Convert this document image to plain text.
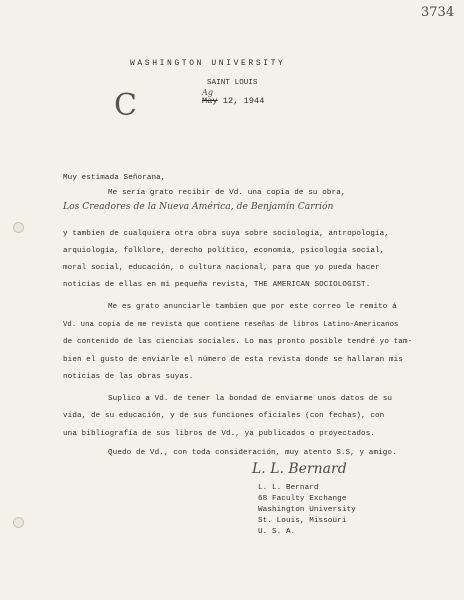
3734
WASHINGTON UNIVERSITY
SAINT LOUIS
May
Ag
12, 1944
C
Muy estimada Señorana,
Me sería grato recibir de Vd. una copia de su obra,
Los Creadores de la Nueva América, de Benjamín Carrión
y tambien de cualquiera otra obra suya sobre sociología, antropología,
arquiología, folklore, derecho político, economía, psicología social,
moral social, educación, o cultura nacional, para que yo pueda hacer
noticias de ellas en mi pequeña revista, THE AMERICAN SOCIOLOGIST.
Me es grato anunciarle tambien que por este correo le remito á
Vd. una copia de me revista que contiene reseñas de libros Latino-Americanos
de contenido de las ciencias sociales. Lo mas pronto posible tendré yo tam-
bien el gusto de enviarle el número de esta revista donde se hallaran mis
noticias de las obras suyas.
Suplico a Vd. de tener la bondad de enviarme unos datos de su
vida, de su educación, y de sus funciones oficiales (con fechas), con
una bibliografía de sus libros de Vd., ya publicados o proyectados.
Quedo de Vd., con toda consideración, muy atento S.S, y amigo.
L. L. Bernard
L. L. Bernard
68 Faculty Exchange
Washington University
St. Louis, Missouri
U. S. A.
